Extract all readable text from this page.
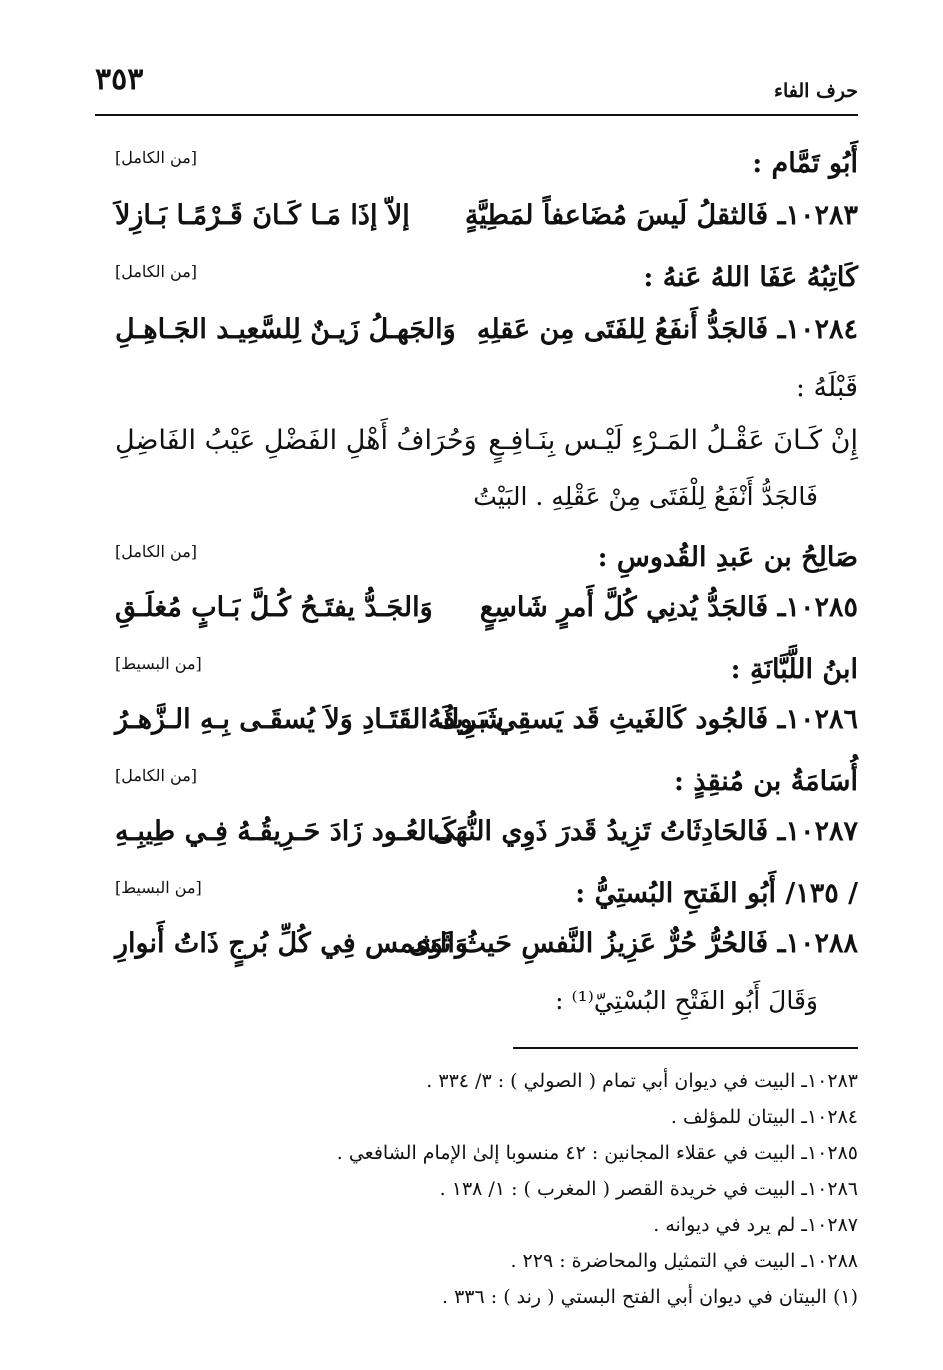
٣٥٣	حرف الفاء
أَبُو تَمَّام :
[من الكامل]
١٠٢٨٣ـ فَالثقلُ لَيسَ مُضَاعفاً لمَطِيَّةٍ
إلاّ إذَا مَـا كَـانَ قَـرْمًـا بَـازِلاَ
كَاتِبُهُ عَفَا اللهُ عَنهُ :
[من الكامل]
١٠٢٨٤ـ فَالجَدُّ أَنفَعُ لِلفَتَى مِن عَقلِهِ
وَالجَهـلُ زَيـنٌ لِلسَّعِيـد الجَـاهِـلِ
قَبْلَهُ :
إِنْ كَـانَ عَقْـلُ المَـرْءِ لَيْـس بِنَـافِـعٍ
وَحُرَافُ أَهْلِ الفَضْلِ عَيْبُ الفَاضِلِ
فَالجَدُّ أَنْفَعُ لِلْفَتَى مِنْ عَقْلِهِ . البَيْتُ
صَالِحُ بن عَبدِ القُدوسِ :
[من الكامل]
١٠٢٨٥ـ فَالجَدُّ يُدنِي كُلَّ أَمرٍ شَاسِعٍ
وَالجَـدُّ يفتَـحُ كُـلَّ بَـابٍ مُغلَـقِ
ابنُ اللَّبَّانَةِ :
[من البسيط]
١٠٢٨٦ـ فَالجُود كَالغَيثِ قَد يَسقِي بَرِيقُهُ
شَـوكَ القَتَـادِ وَلاَ يُسقَـى بِـهِ الـزَّهـرُ
أُسَامَةُ بن مُنقِذٍ :
[من الكامل]
١٠٢٨٧ـ فَالحَادِثَاتُ تَزِيدُ قَدرَ ذَوِي النُّهَى
كَـالعُـود زَادَ حَـرِيقُـهُ فِـي طِيبِـهِ
/ ١٣٥/ أَبُو الفَتحِ البُستِيُّ :
[من البسيط]
١٠٢٨٨ـ فَالحُرُّ حُرٌّ عَزِيزُ النَّفسِ حَيثُ ثَوَى
وَالشمس فِي كُلِّ بُرجٍ ذَاتُ أَنوارِ
وَقَالَ أَبُو الفَتْحِ البُسْتِيّ⁽¹⁾ :
١٠٢٨٣ـ البيت في ديوان أبي تمام ( الصولي ) : ٣/ ٣٣٤ .
١٠٢٨٤ـ البيتان للمؤلف .
١٠٢٨٥ـ البيت في عقلاء المجانين : ٤٢ منسوبا إلىٰ الإمام الشافعي .
١٠٢٨٦ـ البيت في خريدة القصر ( المغرب ) : ١/ ١٣٨ .
١٠٢٨٧ـ لم يرد في ديوانه .
١٠٢٨٨ـ البيت في التمثيل والمحاضرة : ٢٢٩ .
(١) البيتان في ديوان أبي الفتح البستي ( رند ) : ٣٣٦ .
